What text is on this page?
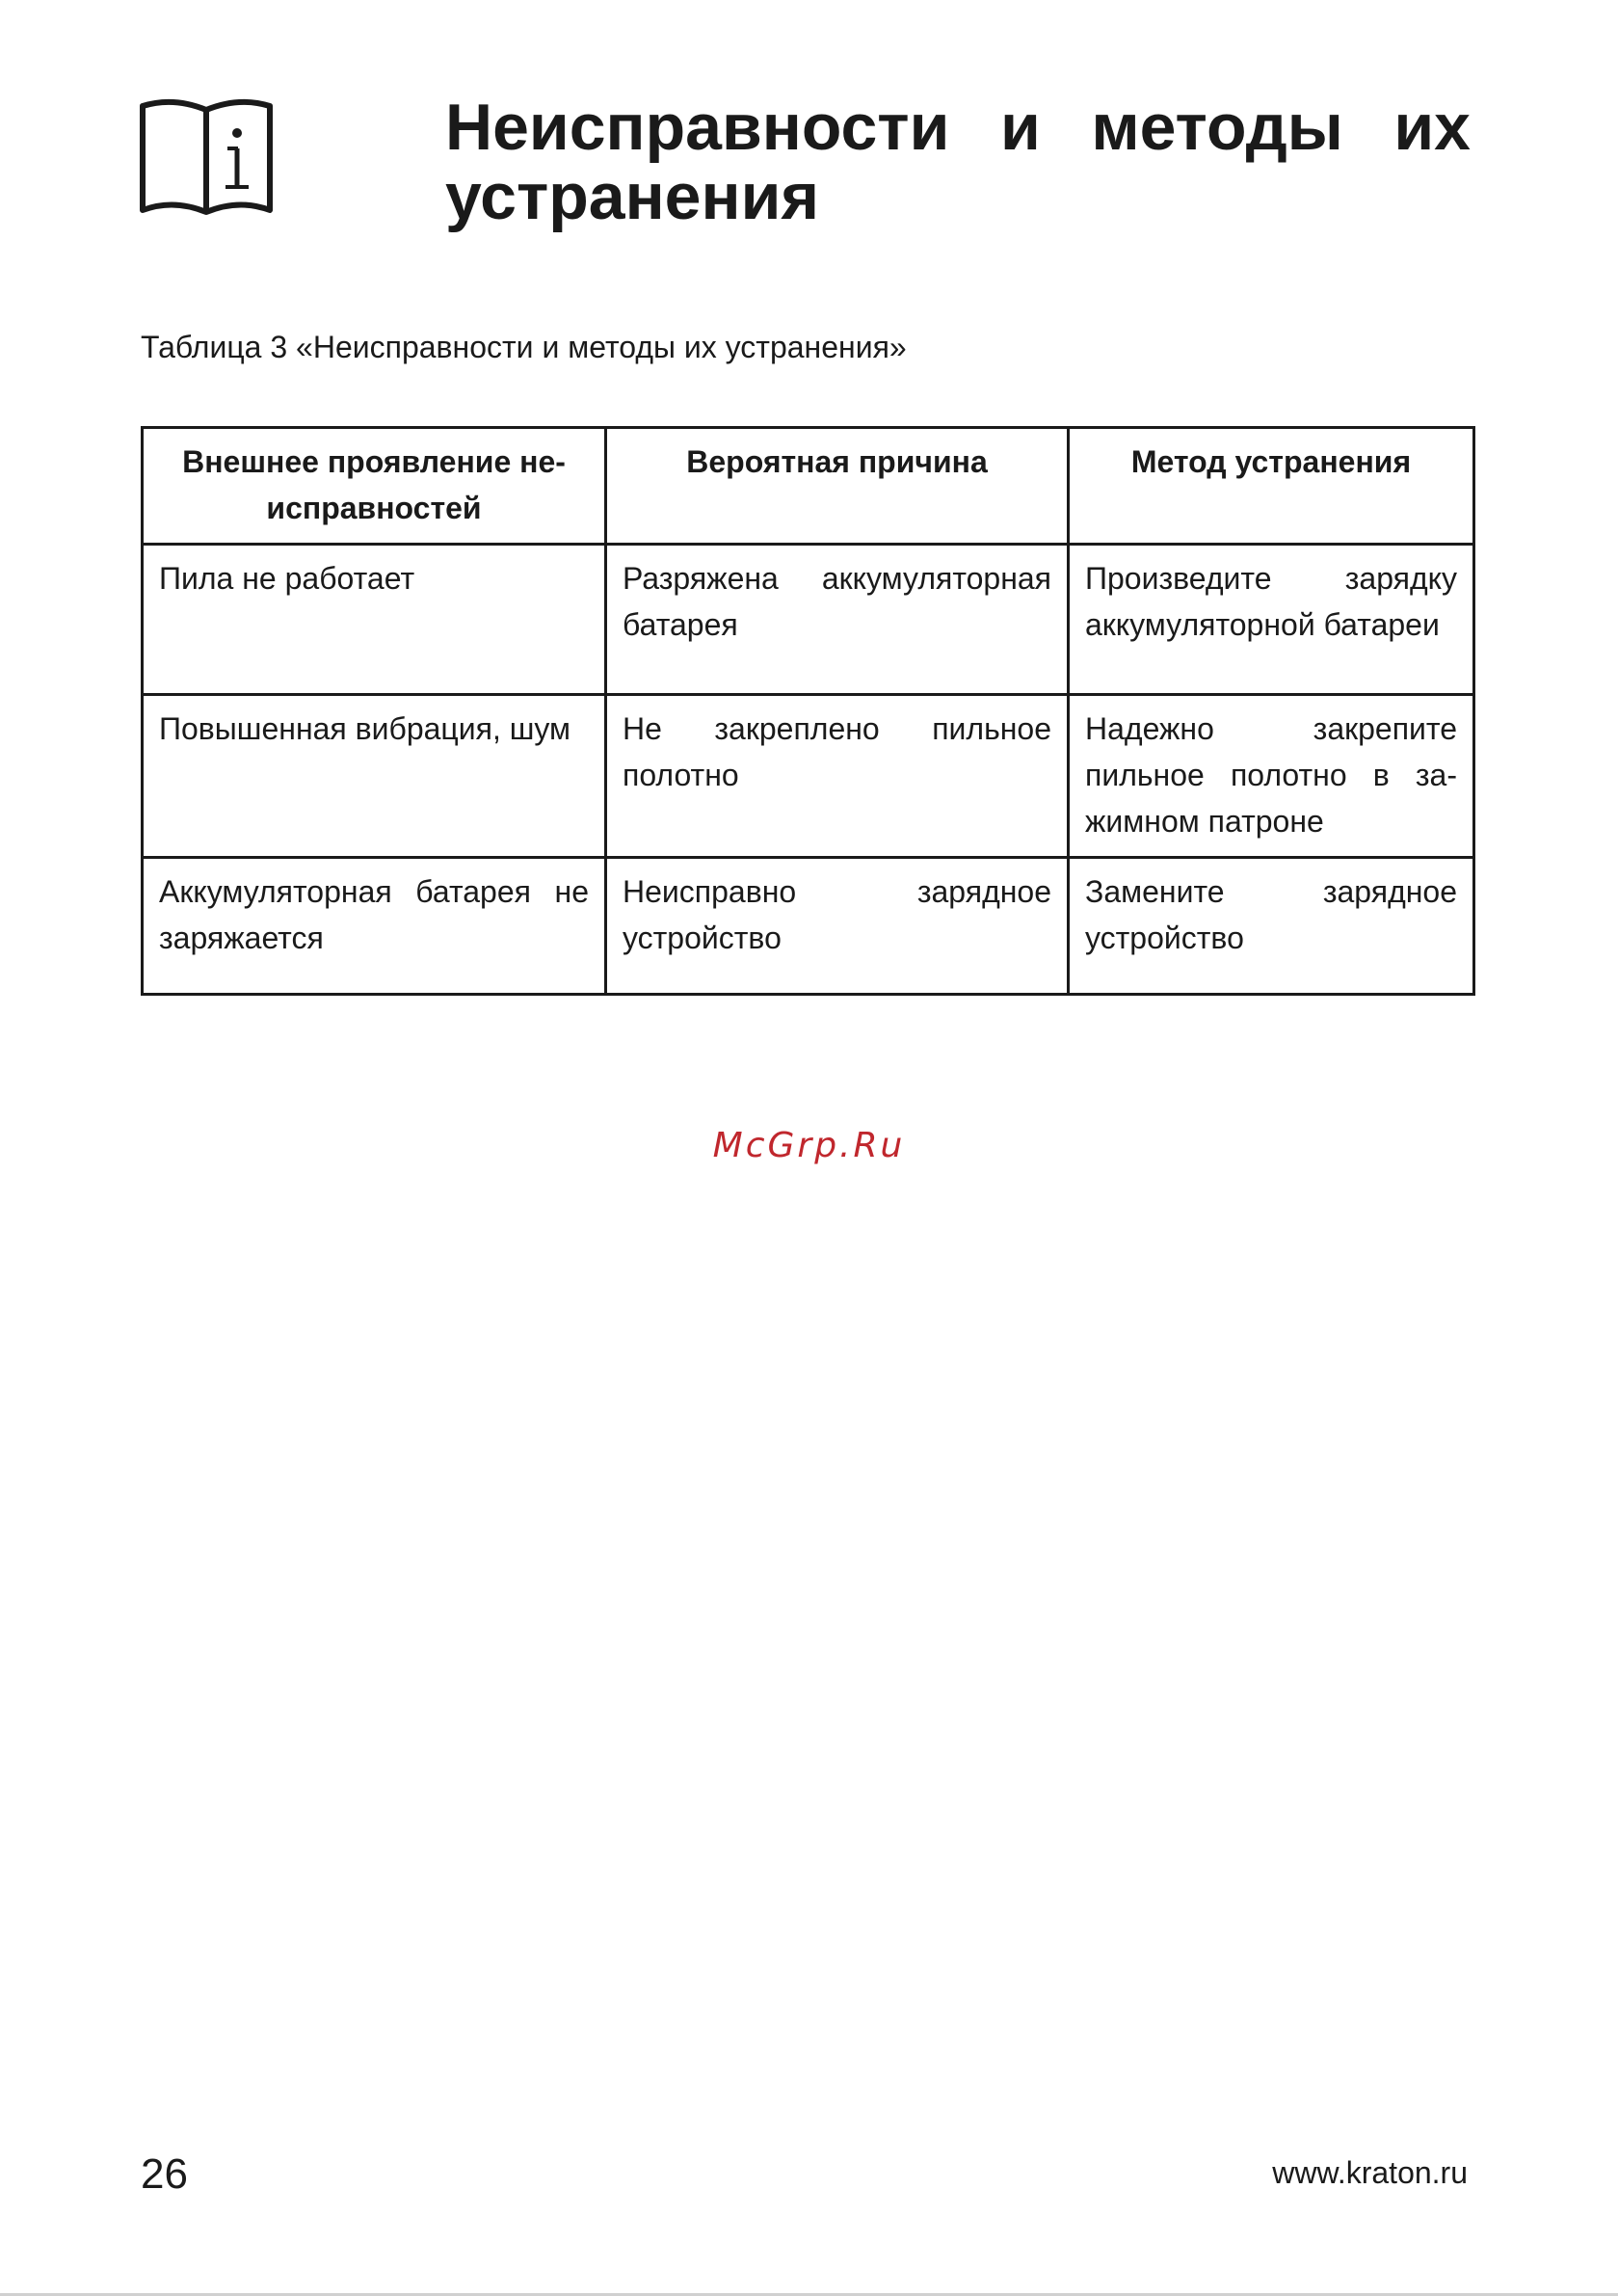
Неисправности и методы их
устранения
Таблица 3 «Неисправности и методы их устранения»
Внешнее проявление неисправностей	Вероятная причина	Метод устранения
Пила не работает	Разряжена аккумуляторная батарея	Произведите зарядку аккумуляторной батареи
Повышенная вибрация, шум	Не закреплено пильное полотно	Надежно закрепите пильное полотно в зажимном патроне
Аккумуляторная батарея не заряжается	Неисправно зарядное устройство	Замените зарядное устройство
McGrp.Ru
26	www.kraton.ru
